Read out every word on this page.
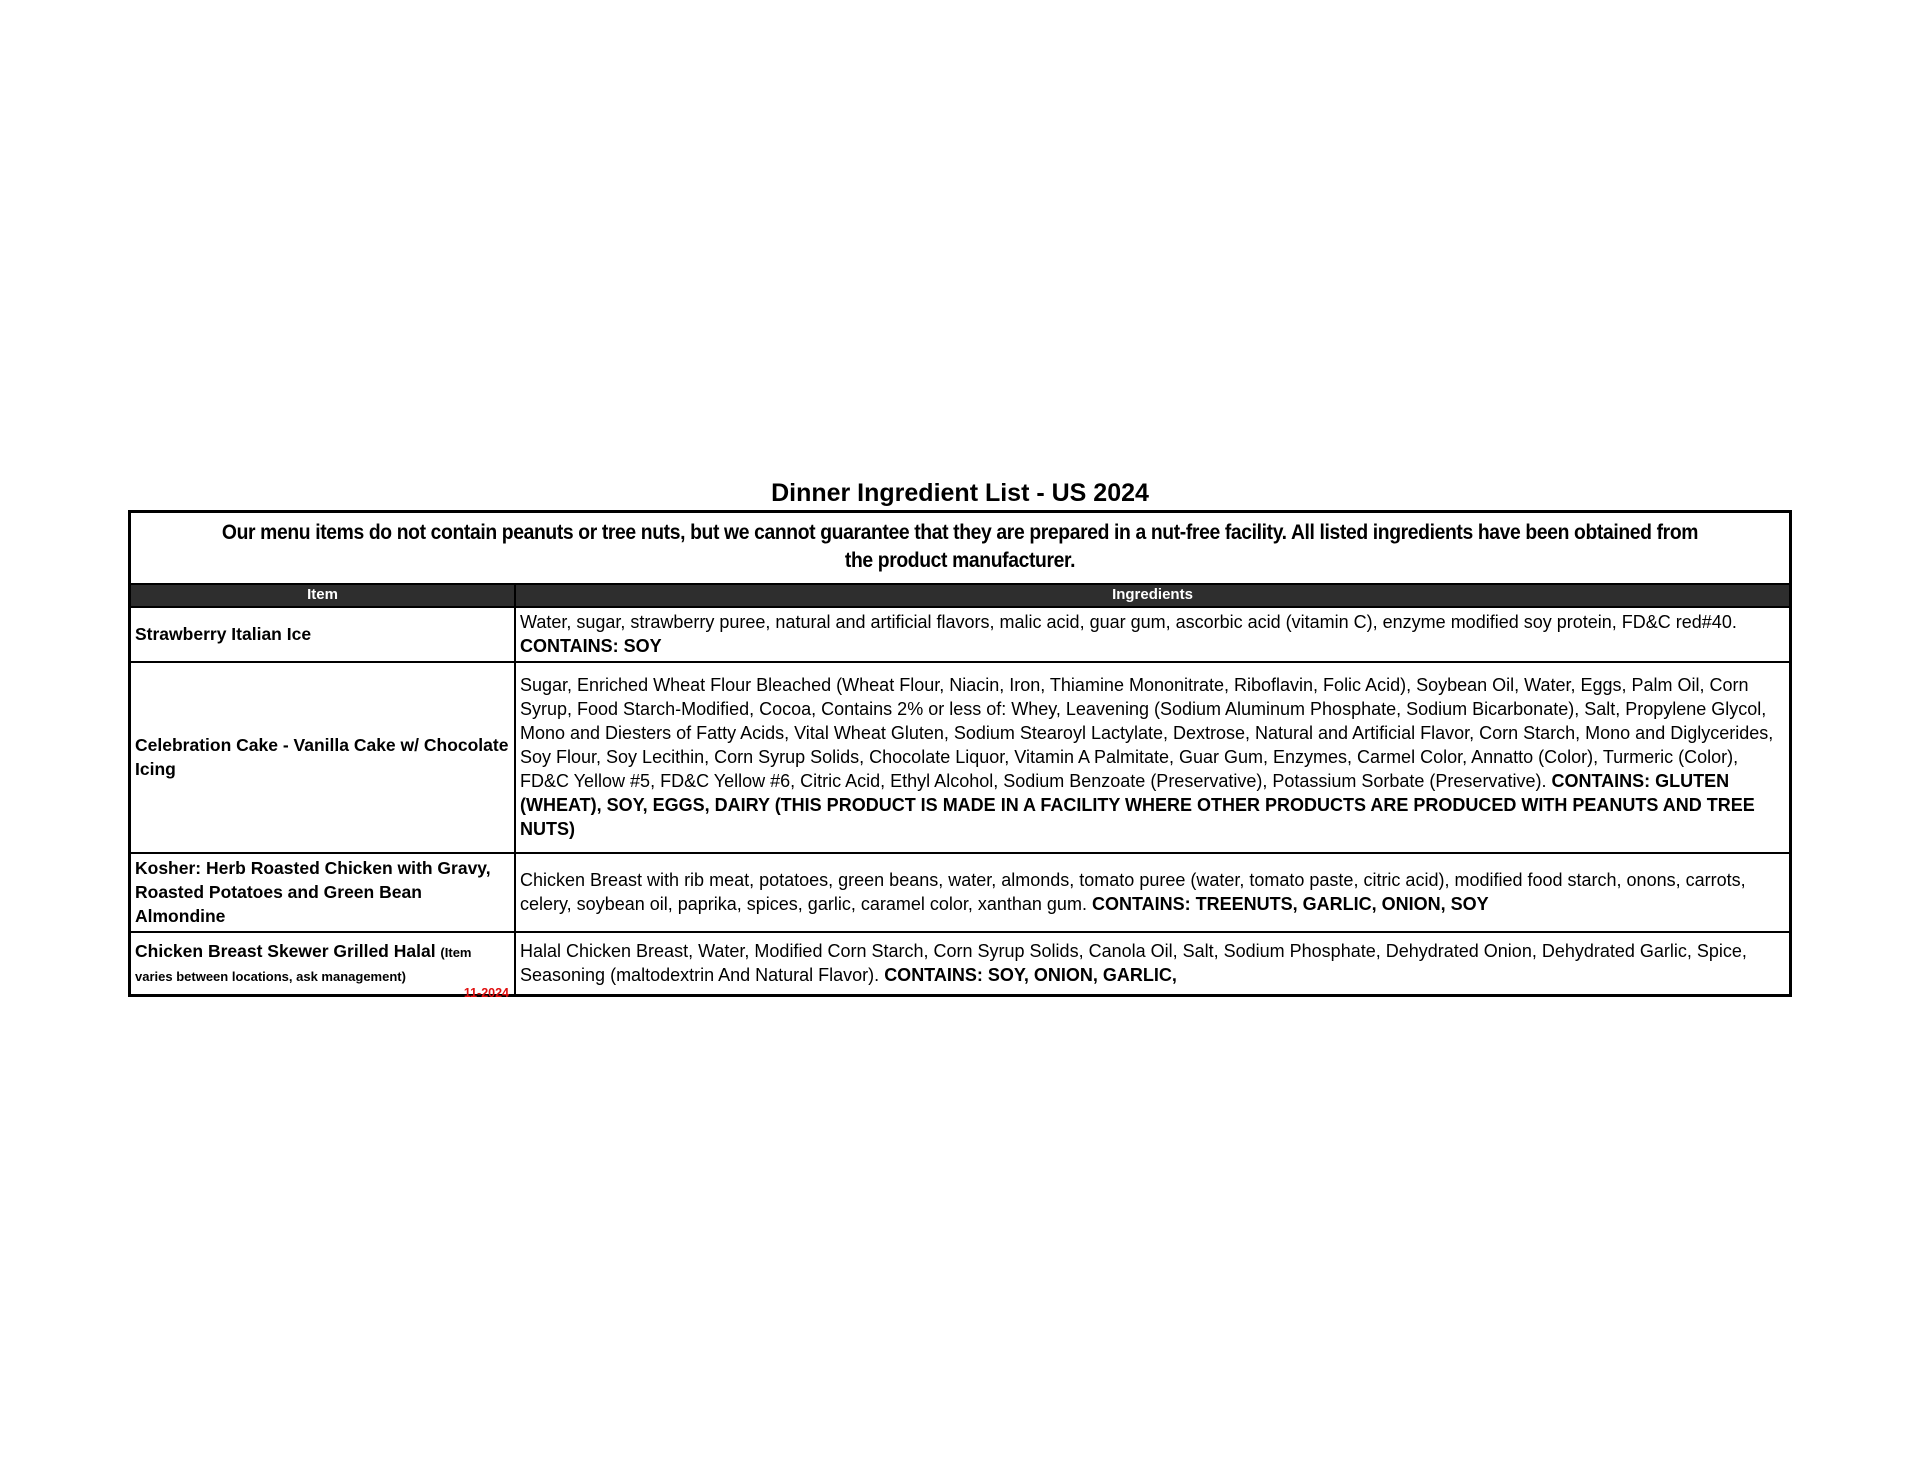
Dinner Ingredient List - US 2024
Our menu items do not contain peanuts or tree nuts, but we cannot guarantee that they are prepared in a nut-free facility. All listed ingredients have been obtained from the product manufacturer.
Item	Ingredients
Strawberry Italian Ice	Water, sugar, strawberry puree, natural and artificial flavors, malic acid, guar gum, ascorbic acid (vitamin C), enzyme modified soy protein, FD&C red#40. CONTAINS: SOY
Celebration Cake - Vanilla Cake w/ Chocolate Icing	Sugar, Enriched Wheat Flour Bleached (Wheat Flour, Niacin, Iron, Thiamine Mononitrate, Riboflavin, Folic Acid), Soybean Oil, Water, Eggs, Palm Oil, Corn Syrup, Food Starch-Modified, Cocoa, Contains 2% or less of: Whey, Leavening (Sodium Aluminum Phosphate, Sodium Bicarbonate), Salt, Propylene Glycol, Mono and Diesters of Fatty Acids, Vital Wheat Gluten, Sodium Stearoyl Lactylate, Dextrose, Natural and Artificial Flavor, Corn Starch, Mono and Diglycerides, Soy Flour, Soy Lecithin, Corn Syrup Solids, Chocolate Liquor, Vitamin A Palmitate, Guar Gum, Enzymes, Carmel Color, Annatto (Color), Turmeric (Color), FD&C Yellow #5, FD&C Yellow #6, Citric Acid, Ethyl Alcohol, Sodium Benzoate (Preservative), Potassium Sorbate (Preservative). CONTAINS: GLUTEN (WHEAT), SOY, EGGS, DAIRY (THIS PRODUCT IS MADE IN A FACILITY WHERE OTHER PRODUCTS ARE PRODUCED WITH PEANUTS AND TREE NUTS)
Kosher: Herb Roasted Chicken with Gravy, Roasted Potatoes and Green Bean Almondine	Chicken Breast with rib meat, potatoes, green beans, water, almonds, tomato puree (water, tomato paste, citric acid), modified food starch, onons, carrots, celery, soybean oil, paprika, spices, garlic, caramel color, xanthan gum. CONTAINS: TREENUTS, GARLIC, ONION, SOY
Chicken Breast Skewer Grilled Halal (Item varies between locations, ask management)	Halal Chicken Breast, Water, Modified Corn Starch, Corn Syrup Solids, Canola Oil, Salt, Sodium Phosphate, Dehydrated Onion, Dehydrated Garlic, Spice, Seasoning (maltodextrin And Natural Flavor). CONTAINS: SOY, ONION, GARLIC,
11-2024
